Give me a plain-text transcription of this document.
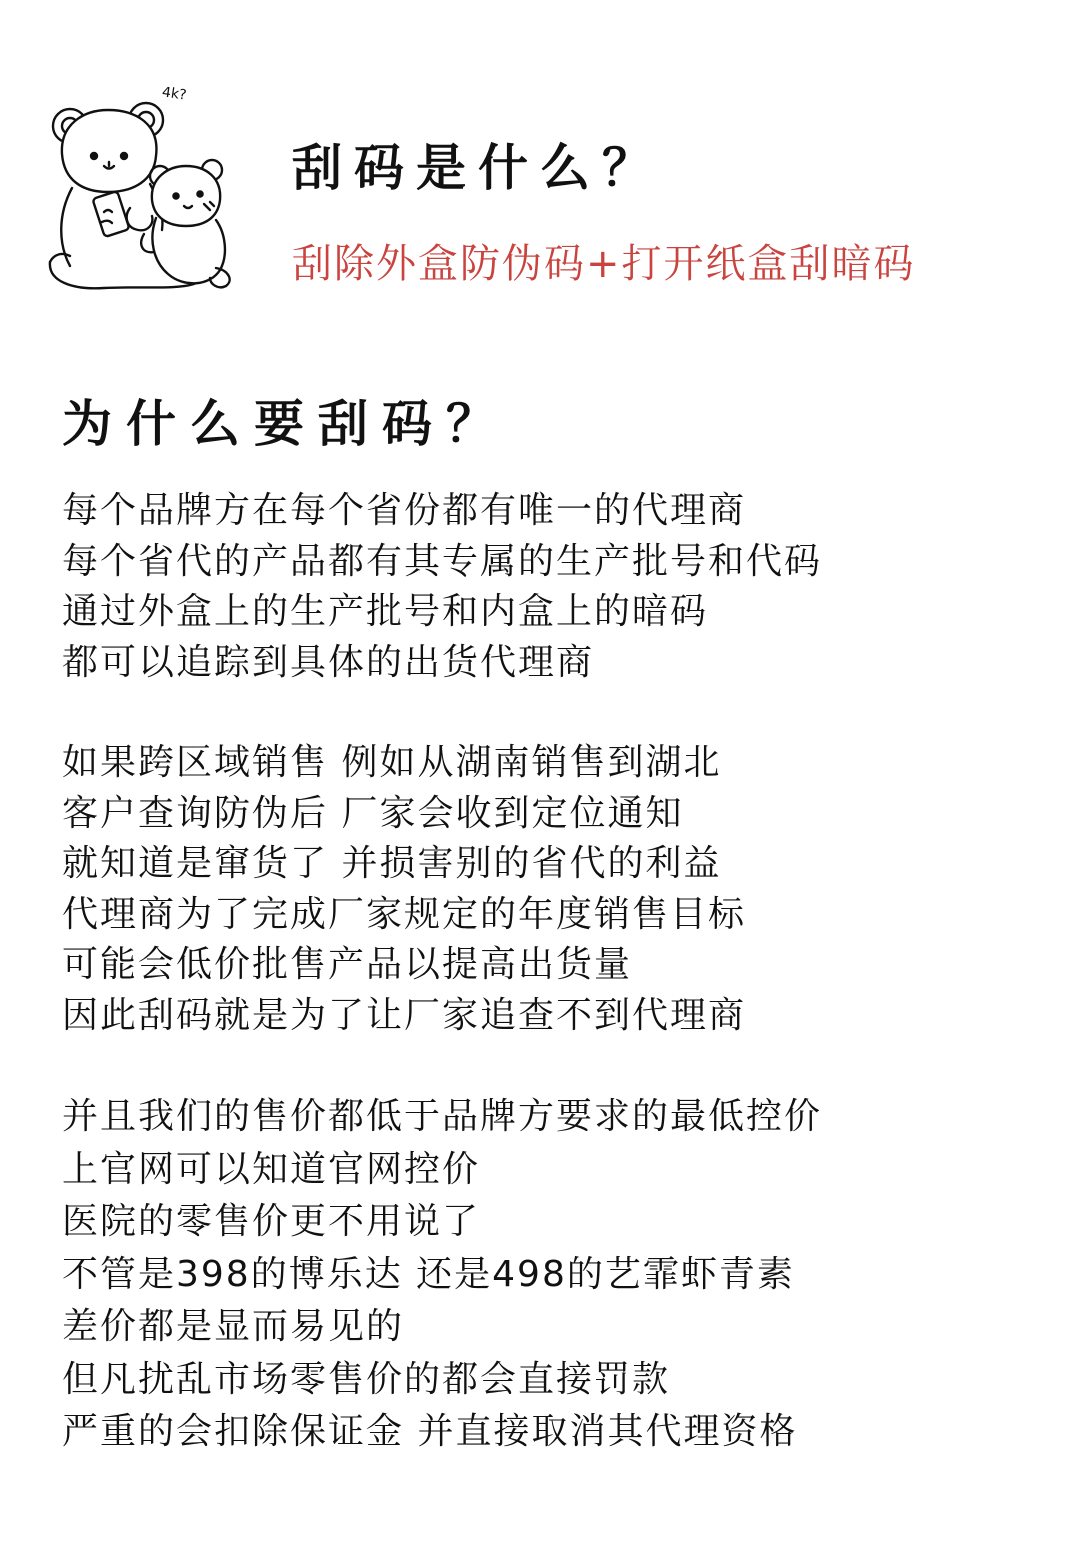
4k?
刮码是什么？
刮除外盒防伪码+打开纸盒刮暗码
为什么要刮码？
每个品牌方在每个省份都有唯一的代理商
每个省代的产品都有其专属的生产批号和代码
通过外盒上的生产批号和内盒上的暗码
都可以追踪到具体的出货代理商
如果跨区域销售 例如从湖南销售到湖北
客户查询防伪后 厂家会收到定位通知
就知道是窜货了 并损害别的省代的利益
代理商为了完成厂家规定的年度销售目标
可能会低价批售产品以提高出货量
因此刮码就是为了让厂家追查不到代理商
并且我们的售价都低于品牌方要求的最低控价
上官网可以知道官网控价
医院的零售价更不用说了
不管是398的博乐达 还是498的艺霏虾青素
差价都是显而易见的
但凡扰乱市场零售价的都会直接罚款
严重的会扣除保证金 并直接取消其代理资格
